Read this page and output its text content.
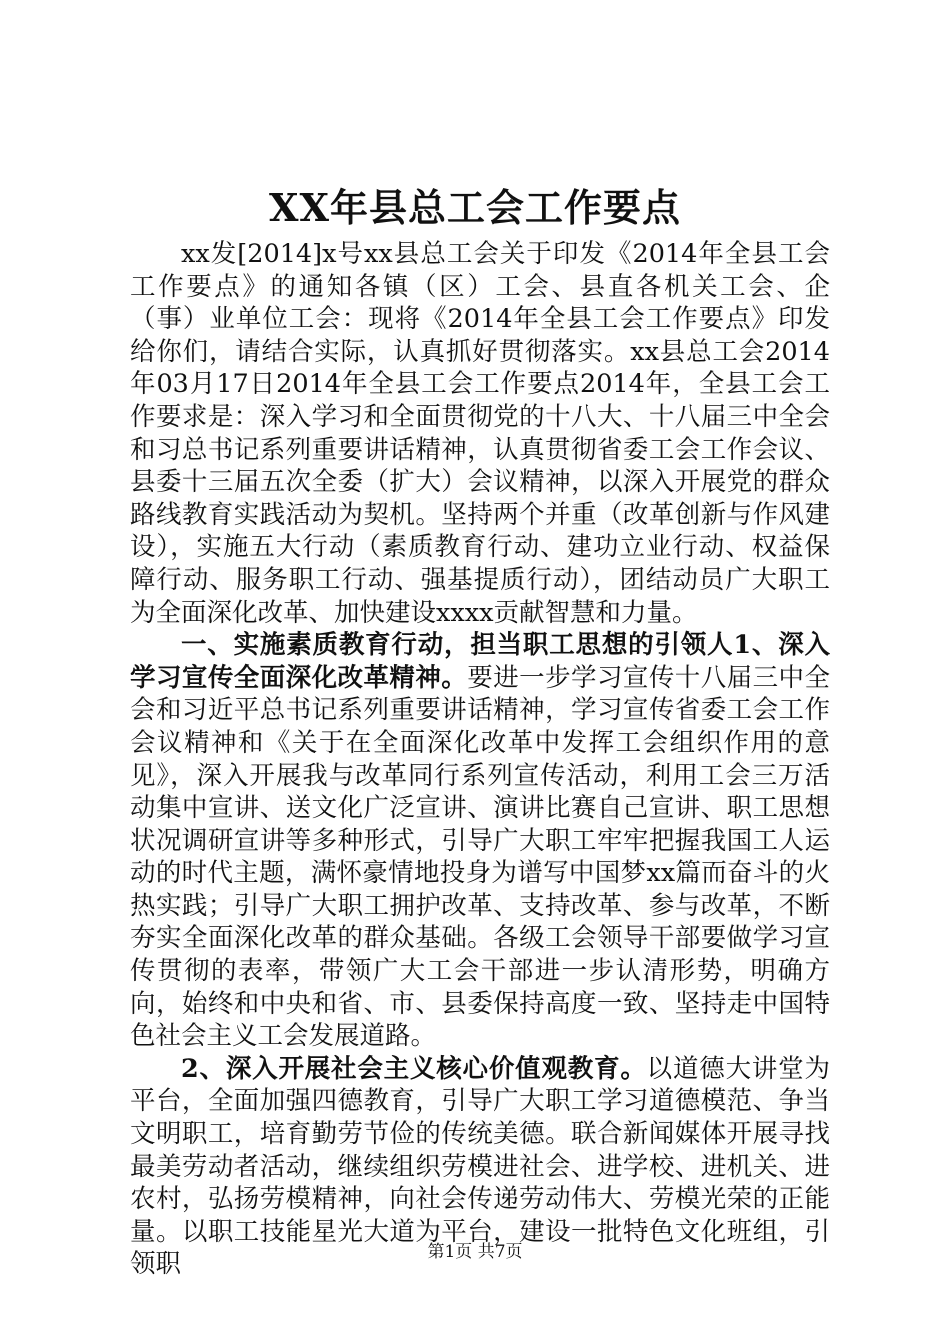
XX年县总工会工作要点

xx发[2014]x号xx县总工会关于印发《2014年全县工会工作要点》的通知各镇（区）工会、县直各机关工会、企（事）业单位工会：现将《2014年全县工会工作要点》印发给你们，请结合实际，认真抓好贯彻落实。xx县总工会2014年03月17日2014年全县工会工作要点2014年，全县工会工作要求是：深入学习和全面贯彻党的十八大、十八届三中全会和习总书记系列重要讲话精神，认真贯彻省委工会工作会议、县委十三届五次全委（扩大）会议精神，以深入开展党的群众路线教育实践活动为契机。坚持两个并重（改革创新与作风建设），实施五大行动（素质教育行动、建功立业行动、权益保障行动、服务职工行动、强基提质行动），团结动员广大职工为全面深化改革、加快建设xxxx贡献智慧和力量。

一、实施素质教育行动，担当职工思想的引领人1、深入学习宣传全面深化改革精神。要进一步学习宣传十八届三中全会和习近平总书记系列重要讲话精神，学习宣传省委工会工作会议精神和《关于在全面深化改革中发挥工会组织作用的意见》，深入开展我与改革同行系列宣传活动，利用工会三万活动集中宣讲、送文化广泛宣讲、演讲比赛自己宣讲、职工思想状况调研宣讲等多种形式，引导广大职工牢牢把握我国工人运动的时代主题，满怀豪情地投身为谱写中国梦xx篇而奋斗的火热实践；引导广大职工拥护改革、支持改革、参与改革，不断夯实全面深化改革的群众基础。各级工会领导干部要做学习宣传贯彻的表率，带领广大工会干部进一步认清形势，明确方向，始终和中央和省、市、县委保持高度一致、坚持走中国特色社会主义工会发展道路。

2、深入开展社会主义核心价值观教育。以道德大讲堂为平台，全面加强四德教育，引导广大职工学习道德模范、争当文明职工，培育勤劳节俭的传统美德。联合新闻媒体开展寻找最美劳动者活动，继续组织劳模进社会、进学校、进机关、进农村，弘扬劳模精神，向社会传递劳动伟大、劳模光荣的正能量。以职工技能星光大道为平台，建设一批特色文化班组，引领职	第1页 共7页
